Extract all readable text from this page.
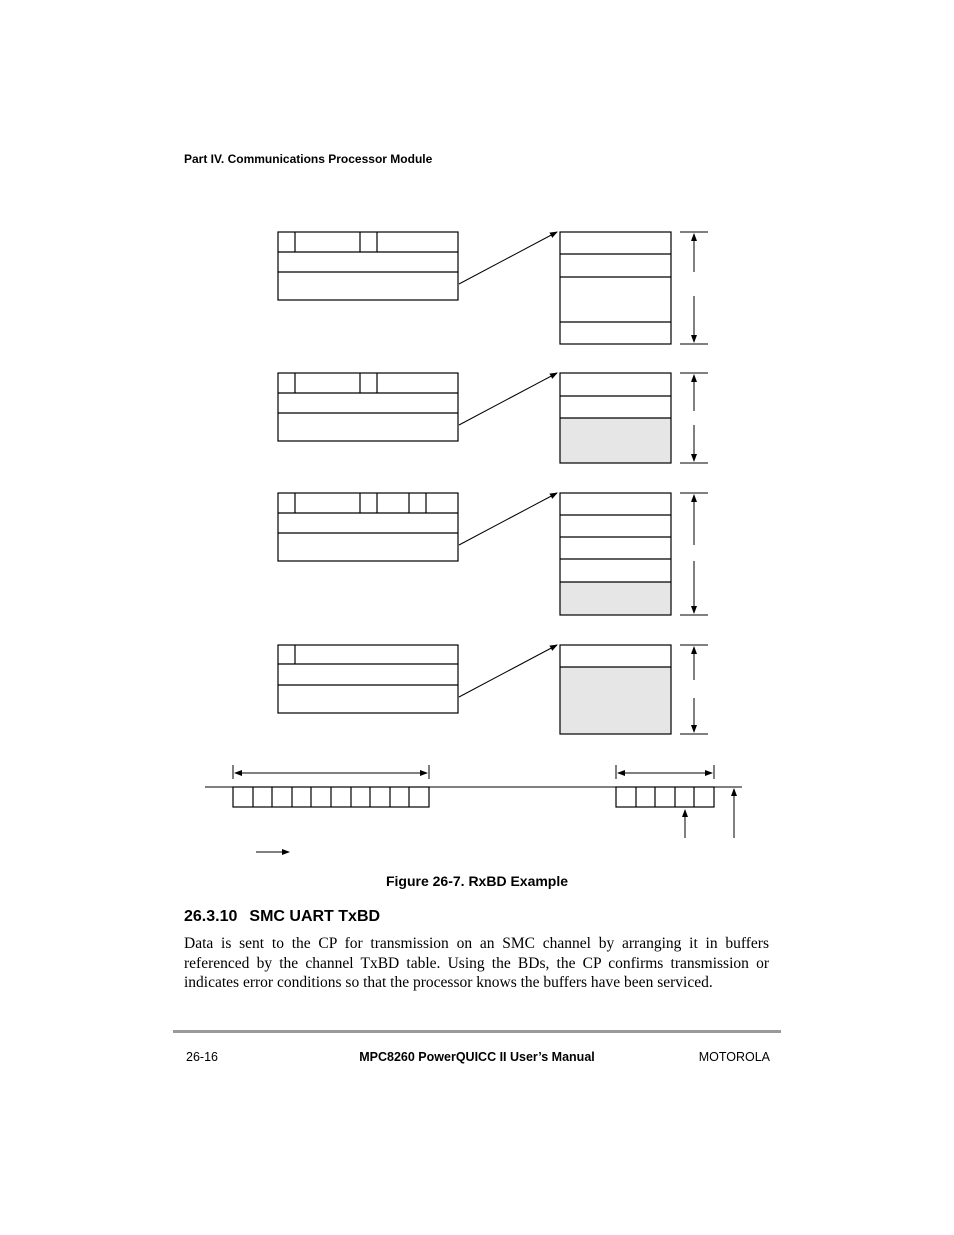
Part IV. Communications Processor Module
Figure 26-7. RxBD Example
26.3.10 SMC UART TxBD
Data is sent to the CP for transmission on an SMC channel by arranging it in buffers referenced by the channel TxBD table. Using the BDs, the CP confirms transmission or indicates error conditions so that the processor knows the buffers have been serviced.
26-16	MPC8260 PowerQUICC II User’s Manual	MOTOROLA
